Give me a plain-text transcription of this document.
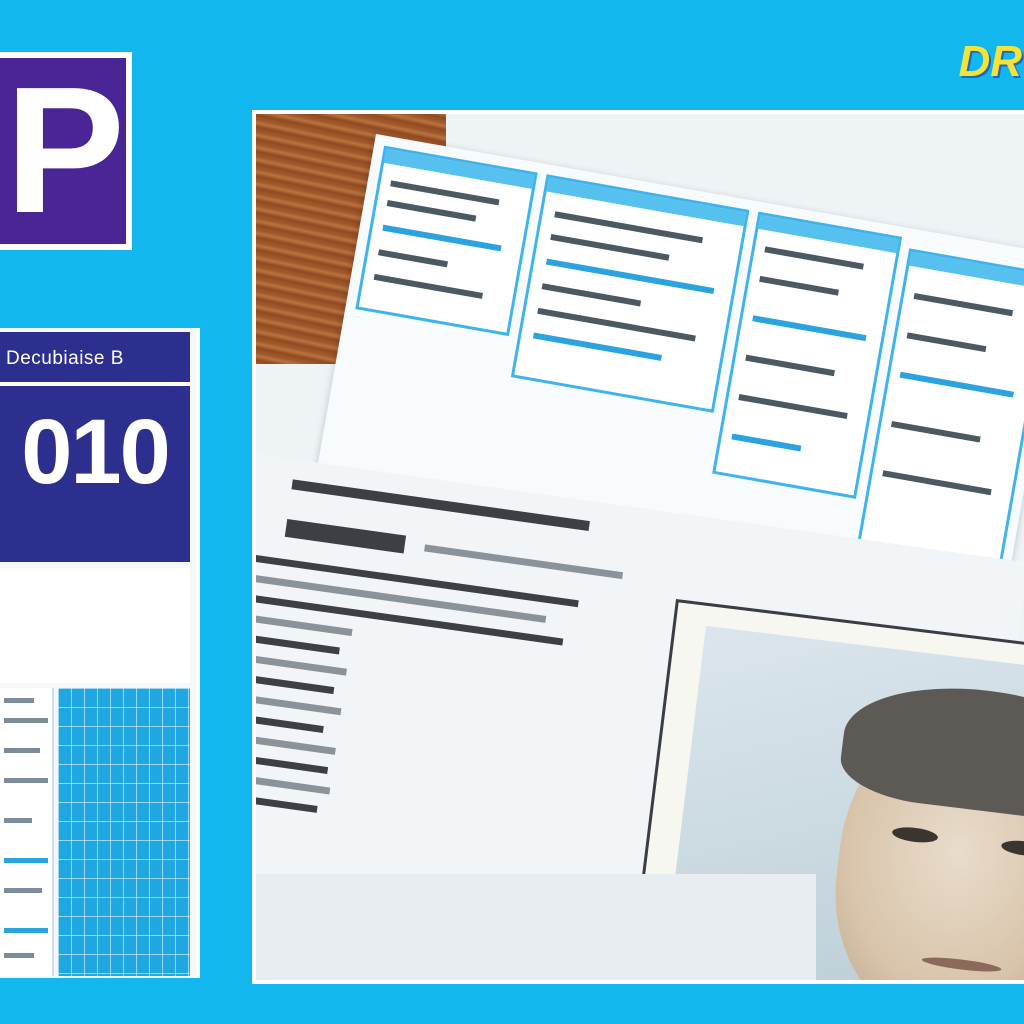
P	DR
Decubiaise B
010
